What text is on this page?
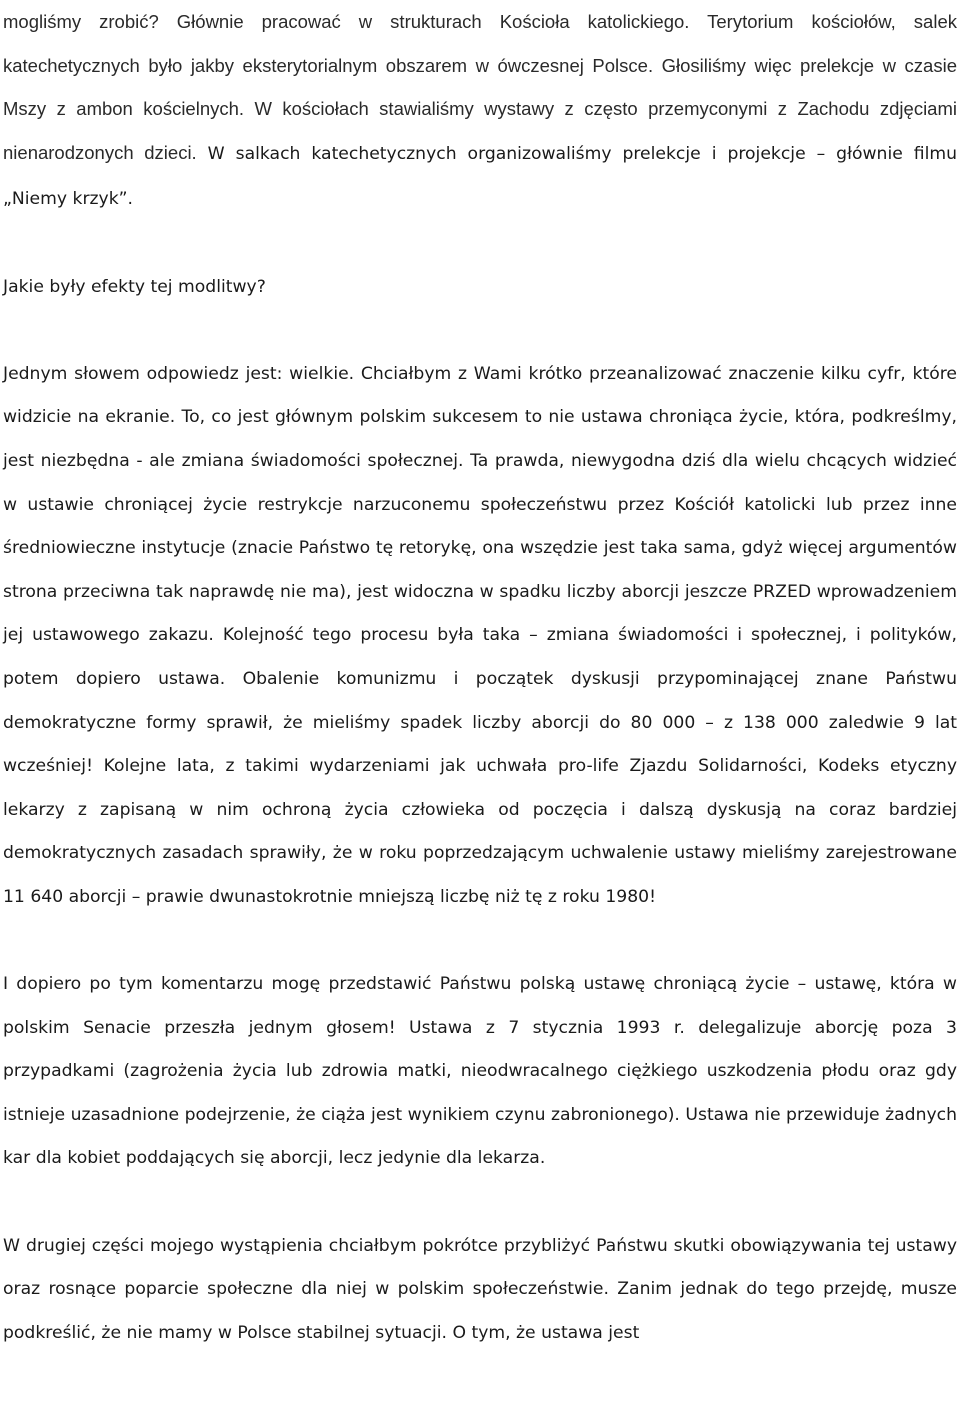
mogliśmy zrobić? Głównie pracować w strukturach Kościoła katolickiego. Terytorium kościołów, salek katechetycznych było jakby eksterytorialnym obszarem w ówczesnej Polsce. Głosiliśmy więc prelekcje w czasie Mszy z ambon kościelnych. W kościołach stawialiśmy wystawy z często przemyconymi z Zachodu zdjęciami nienarodzonych dzieci. W salkach katechetycznych organizowaliśmy prelekcje i projekcje – głównie filmu „Niemy krzyk”.

Jakie były efekty tej modlitwy?

Jednym słowem odpowiedz jest: wielkie. Chciałbym z Wami krótko przeanalizować znaczenie kilku cyfr, które widzicie na ekranie. To, co jest głównym polskim sukcesem to nie ustawa chroniąca życie, która, podkreślmy, jest niezbędna - ale zmiana świadomości społecznej. Ta prawda, niewygodna dziś dla wielu chcących widzieć w ustawie chroniącej życie restrykcje narzuconemu społeczeństwu przez Kościół katolicki lub przez inne średniowieczne instytucje (znacie Państwo tę retorykę, ona wszędzie jest taka sama, gdyż więcej argumentów strona przeciwna tak naprawdę nie ma), jest widoczna w spadku liczby aborcji jeszcze PRZED wprowadzeniem jej ustawowego zakazu. Kolejność tego procesu była taka – zmiana świadomości i społecznej, i polityków, potem dopiero ustawa. Obalenie komunizmu i początek dyskusji przypominającej znane Państwu demokratyczne formy sprawił, że mieliśmy spadek liczby aborcji do 80 000 – z 138 000 zaledwie 9 lat wcześniej! Kolejne lata, z takimi wydarzeniami jak uchwała pro-life Zjazdu Solidarności, Kodeks etyczny lekarzy z zapisaną w nim ochroną życia człowieka od poczęcia i dalszą dyskusją na coraz bardziej demokratycznych zasadach sprawiły, że w roku poprzedzającym uchwalenie ustawy mieliśmy zarejestrowane 11 640 aborcji – prawie dwunastokrotnie mniejszą liczbę niż tę z roku 1980!

I dopiero po tym komentarzu mogę przedstawić Państwu polską ustawę chroniącą życie – ustawę, która w polskim Senacie przeszła jednym głosem! Ustawa z 7 stycznia 1993 r. delegalizuje aborcję poza 3 przypadkami (zagrożenia życia lub zdrowia matki, nieodwracalnego ciężkiego uszkodzenia płodu oraz gdy istnieje uzasadnione podejrzenie, że ciąża jest wynikiem czynu zabronionego). Ustawa nie przewiduje żadnych kar dla kobiet poddających się aborcji, lecz jedynie dla lekarza.

W drugiej części mojego wystąpienia chciałbym pokrótce przybliżyć Państwu skutki obowiązywania tej ustawy oraz rosnące poparcie społeczne dla niej w polskim społeczeństwie. Zanim jednak do tego przejdę, musze podkreślić, że nie mamy w Polsce stabilnej sytuacji. O tym, że ustawa jest
